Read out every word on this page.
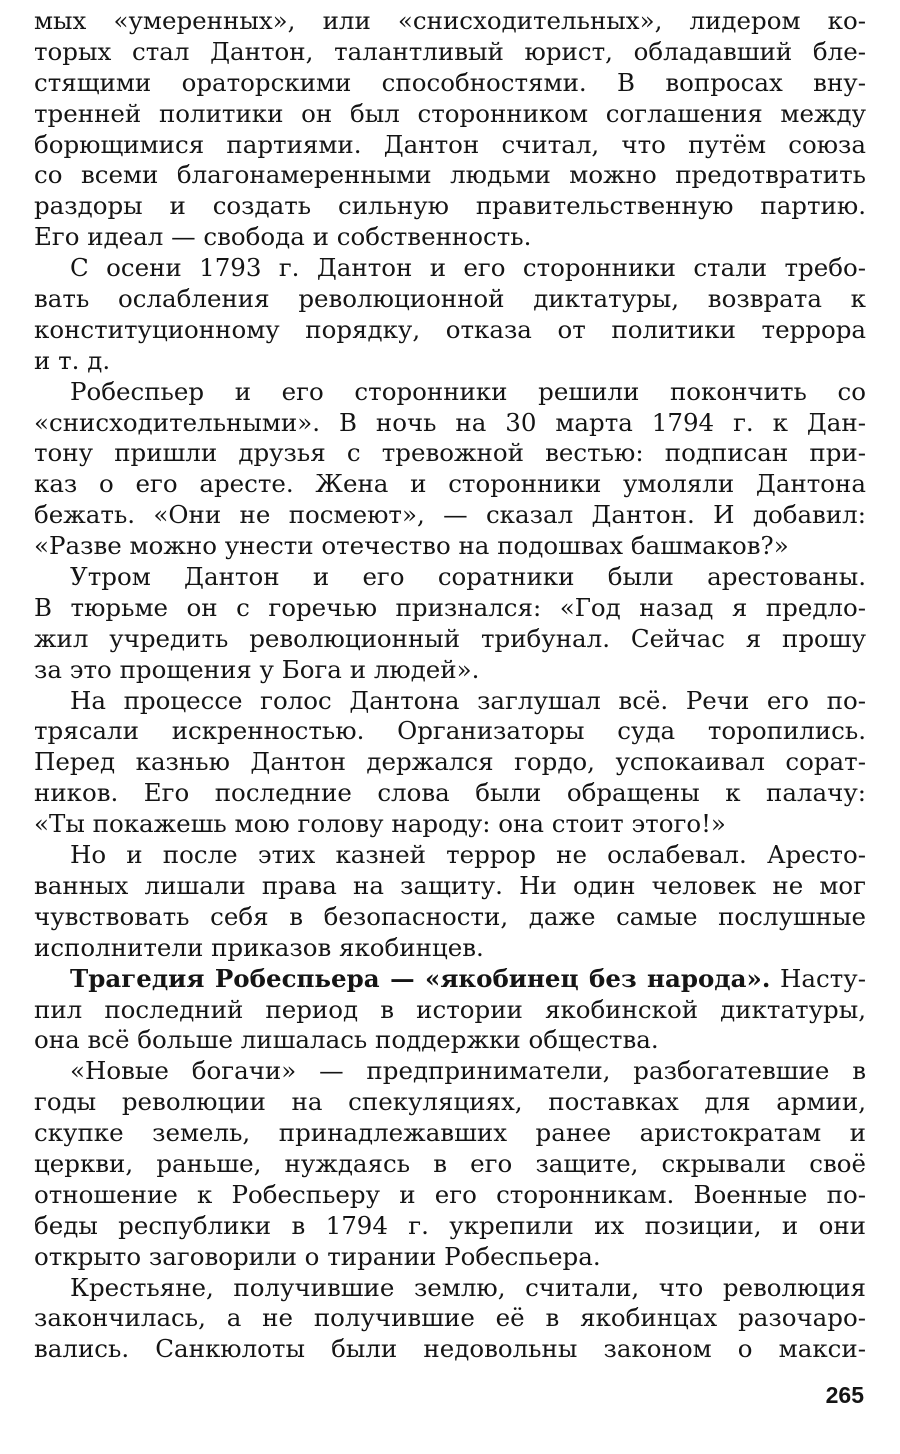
мых «умеренных», или «снисходительных», лидером ко-
торых стал Дантон, талантливый юрист, обладавший бле-
стящими ораторскими способностями. В вопросах вну-
тренней политики он был сторонником соглашения между
борющимися партиями. Дантон считал, что путём союза
со всеми благонамеренными людьми можно предотвратить
раздоры и создать сильную правительственную партию.
Его идеал — свобода и собственность.
С осени 1793 г. Дантон и его сторонники стали требо-
вать ослабления революционной диктатуры, возврата к
конституционному порядку, отказа от политики террора
и т. д.
Робеспьер и его сторонники решили покончить со
«снисходительными». В ночь на 30 марта 1794 г. к Дан-
тону пришли друзья с тревожной вестью: подписан при-
каз о его аресте. Жена и сторонники умоляли Дантона
бежать. «Они не посмеют», — сказал Дантон. И добавил:
«Разве можно унести отечество на подошвах башмаков?»
Утром Дантон и его соратники были арестованы.
В тюрьме он с горечью признался: «Год назад я предло-
жил учредить революционный трибунал. Сейчас я прошу
за это прощения у Бога и людей».
На процессе голос Дантона заглушал всё. Речи его по-
трясали искренностью. Организаторы суда торопились.
Перед казнью Дантон держался гордо, успокаивал сорат-
ников. Его последние слова были обращены к палачу:
«Ты покажешь мою голову народу: она стоит этого!»
Но и после этих казней террор не ослабевал. Аресто-
ванных лишали права на защиту. Ни один человек не мог
чувствовать себя в безопасности, даже самые послушные
исполнители приказов якобинцев.
Трагедия Робеспьера — «якобинец без народа». Насту-
пил последний период в истории якобинской диктатуры,
она всё больше лишалась поддержки общества.
«Новые богачи» — предприниматели, разбогатевшие в
годы революции на спекуляциях, поставках для армии,
скупке земель, принадлежавших ранее аристократам и
церкви, раньше, нуждаясь в его защите, скрывали своё
отношение к Робеспьеру и его сторонникам. Военные по-
беды республики в 1794 г. укрепили их позиции, и они
открыто заговорили о тирании Робеспьера.
Крестьяне, получившие землю, считали, что революция
закончилась, а не получившие её в якобинцах разочаро-
вались. Санкюлоты были недовольны законом о макси-
265
